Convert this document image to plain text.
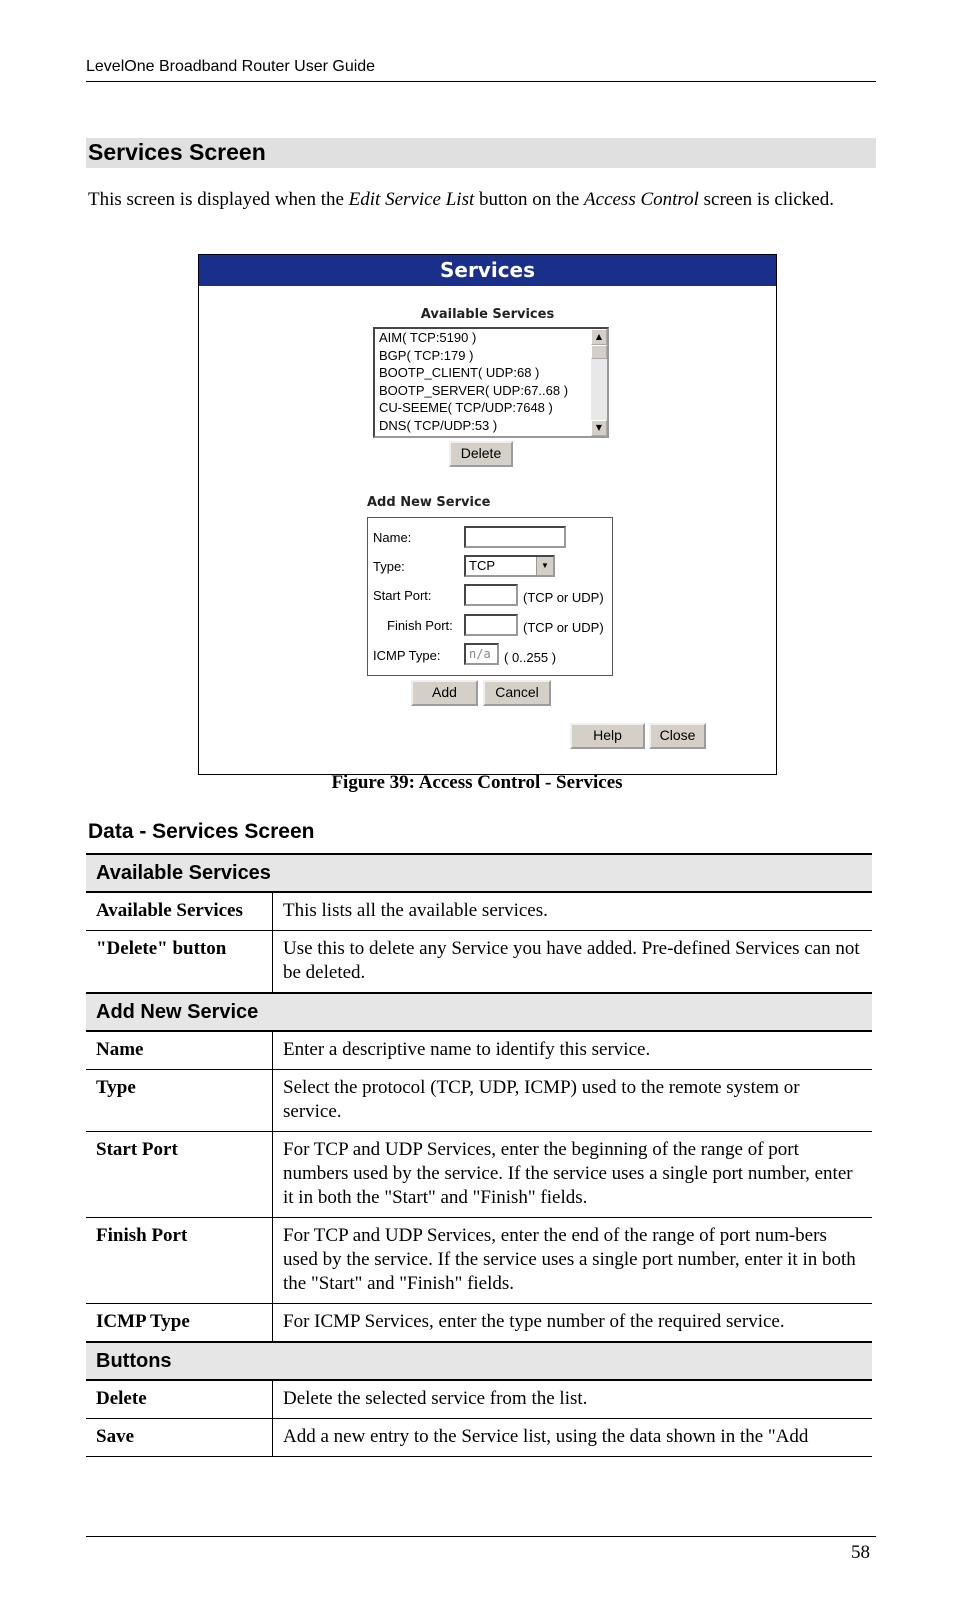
LevelOne Broadband Router User Guide
Services Screen
This screen is displayed when the Edit Service List button on the Access Control screen is clicked.
Services
Available Services
AIM( TCP:5190 )
BGP( TCP:179 )
BOOTP_CLIENT( UDP:68 )
BOOTP_SERVER( UDP:67..68 )
CU-SEEME( TCP/UDP:7648 )
DNS( TCP/UDP:53 )
▲
▼
Delete
Add New Service
Name:
Type:	TCP	▼
Start Port:	(TCP or UDP)
Finish Port:	(TCP or UDP)
ICMP Type:	n/a	( 0..255 )
Add	Cancel
Help	Close
Figure 39: Access Control - Services
Data - Services Screen
Available Services	
Available Services	This lists all the available services.
"Delete" button	Use this to delete any Service you have added. Pre-defined Services can not be deleted.
Add New Service	
Name	Enter a descriptive name to identify this service.
Type	Select the protocol (TCP, UDP, ICMP) used to the remote system or service.
Start Port	For TCP and UDP Services, enter the beginning of the range of port numbers used by the service. If the service uses a single port number, enter it in both the "Start" and "Finish" fields.
Finish Port	For TCP and UDP Services, enter the end of the range of port num-bers used by the service. If the service uses a single port number, enter it in both the "Start" and "Finish" fields.
ICMP Type	For ICMP Services, enter the type number of the required service.
Buttons	
Delete	Delete the selected service from the list.
Save	Add a new entry to the Service list, using the data shown in the "Add
58
